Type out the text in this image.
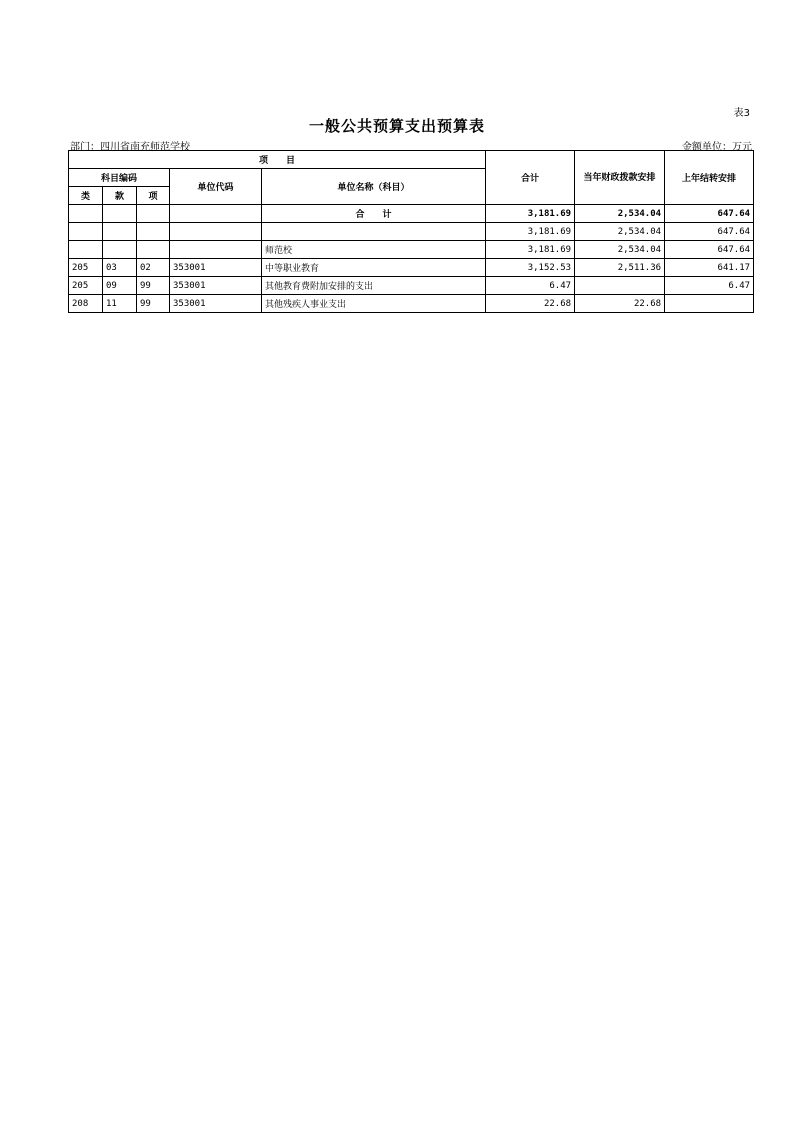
表3
一般公共预算支出预算表
部门：四川省南充师范学校	金额单位：万元
项　　目					合计	当年财政拨款安排	上年结转安排
科目编码			单位代码	单位名称（科目）			
类	款	项					
				合　　计	3,181.69	2,534.04	647.64
					3,181.69	2,534.04	647.64
				师范校	3,181.69	2,534.04	647.64
205	03	02	353001	中等职业教育	3,152.53	2,511.36	641.17
205	09	99	353001	其他教育费附加安排的支出	6.47		6.47
208	11	99	353001	其他残疾人事业支出	22.68	22.68	
